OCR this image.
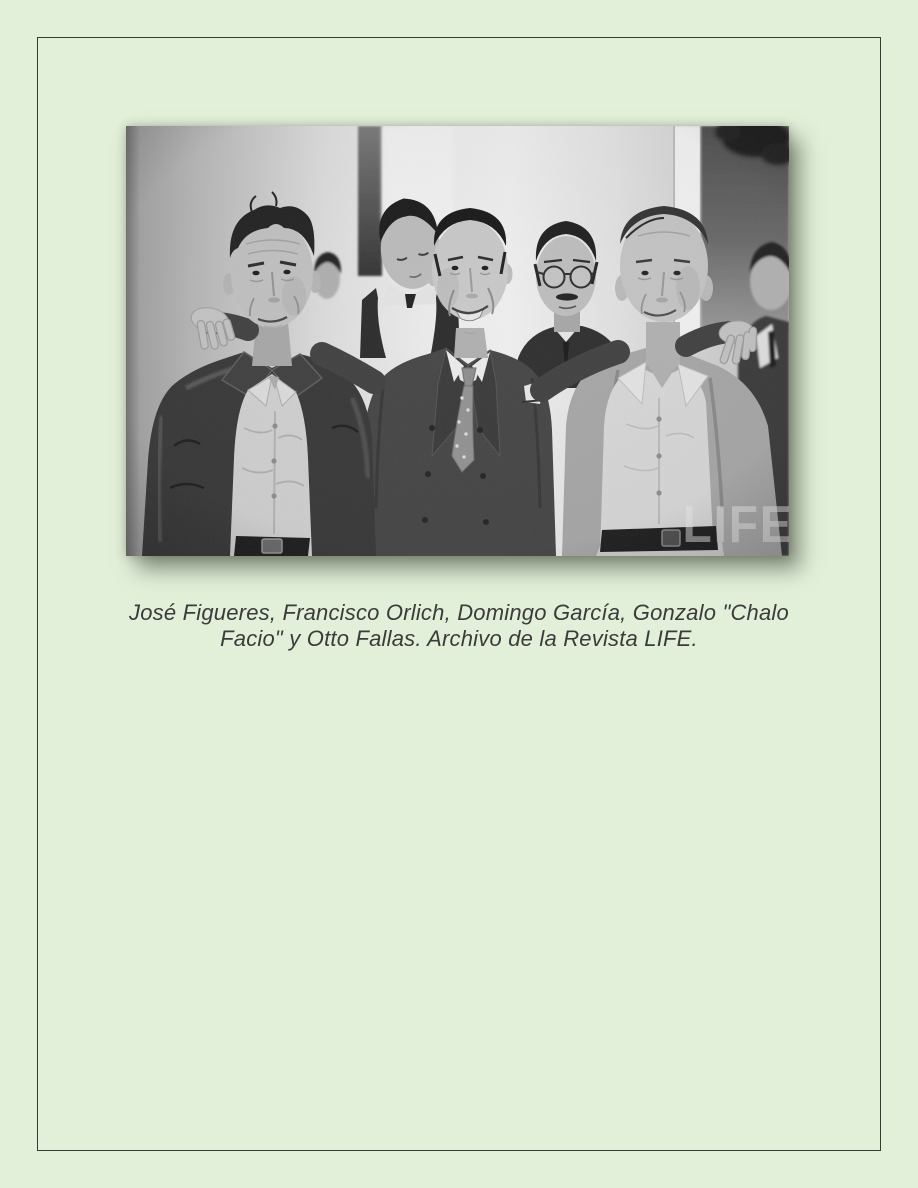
José Figueres, Francisco Orlich, Domingo García, Gonzalo "Chalo
Facio" y Otto Fallas. Archivo de la Revista LIFE.
